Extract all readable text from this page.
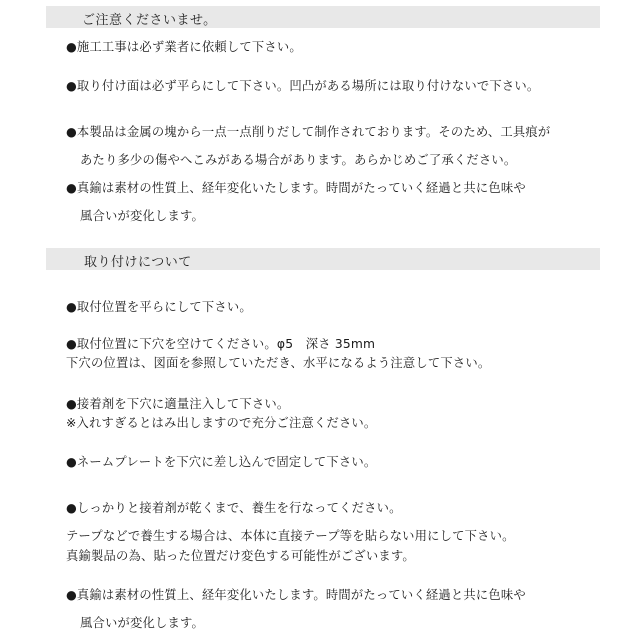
ご注意くださいませ。
●施工工事は必ず業者に依頼して下さい。
●取り付け面は必ず平らにして下さい。凹凸がある場所には取り付けないで下さい。
●本製品は金属の塊から一点一点削りだして制作されております。そのため、工具痕が
あたり多少の傷やへこみがある場合があります。あらかじめご了承ください。
●真鍮は素材の性質上、経年変化いたします。時間がたっていく経過と共に色味や
風合いが変化します。
取り付けについて
●取付位置を平らにして下さい。
●取付位置に下穴を空けてください。φ5　深さ 35mm
下穴の位置は、図面を参照していただき、水平になるよう注意して下さい。
●接着剤を下穴に適量注入して下さい。
※入れすぎるとはみ出しますので充分ご注意ください。
●ネームプレートを下穴に差し込んで固定して下さい。
●しっかりと接着剤が乾くまで、養生を行なってください。
テープなどで養生する場合は、本体に直接テープ等を貼らない用にして下さい。
真鍮製品の為、貼った位置だけ変色する可能性がございます。
●真鍮は素材の性質上、経年変化いたします。時間がたっていく経過と共に色味や
風合いが変化します。
